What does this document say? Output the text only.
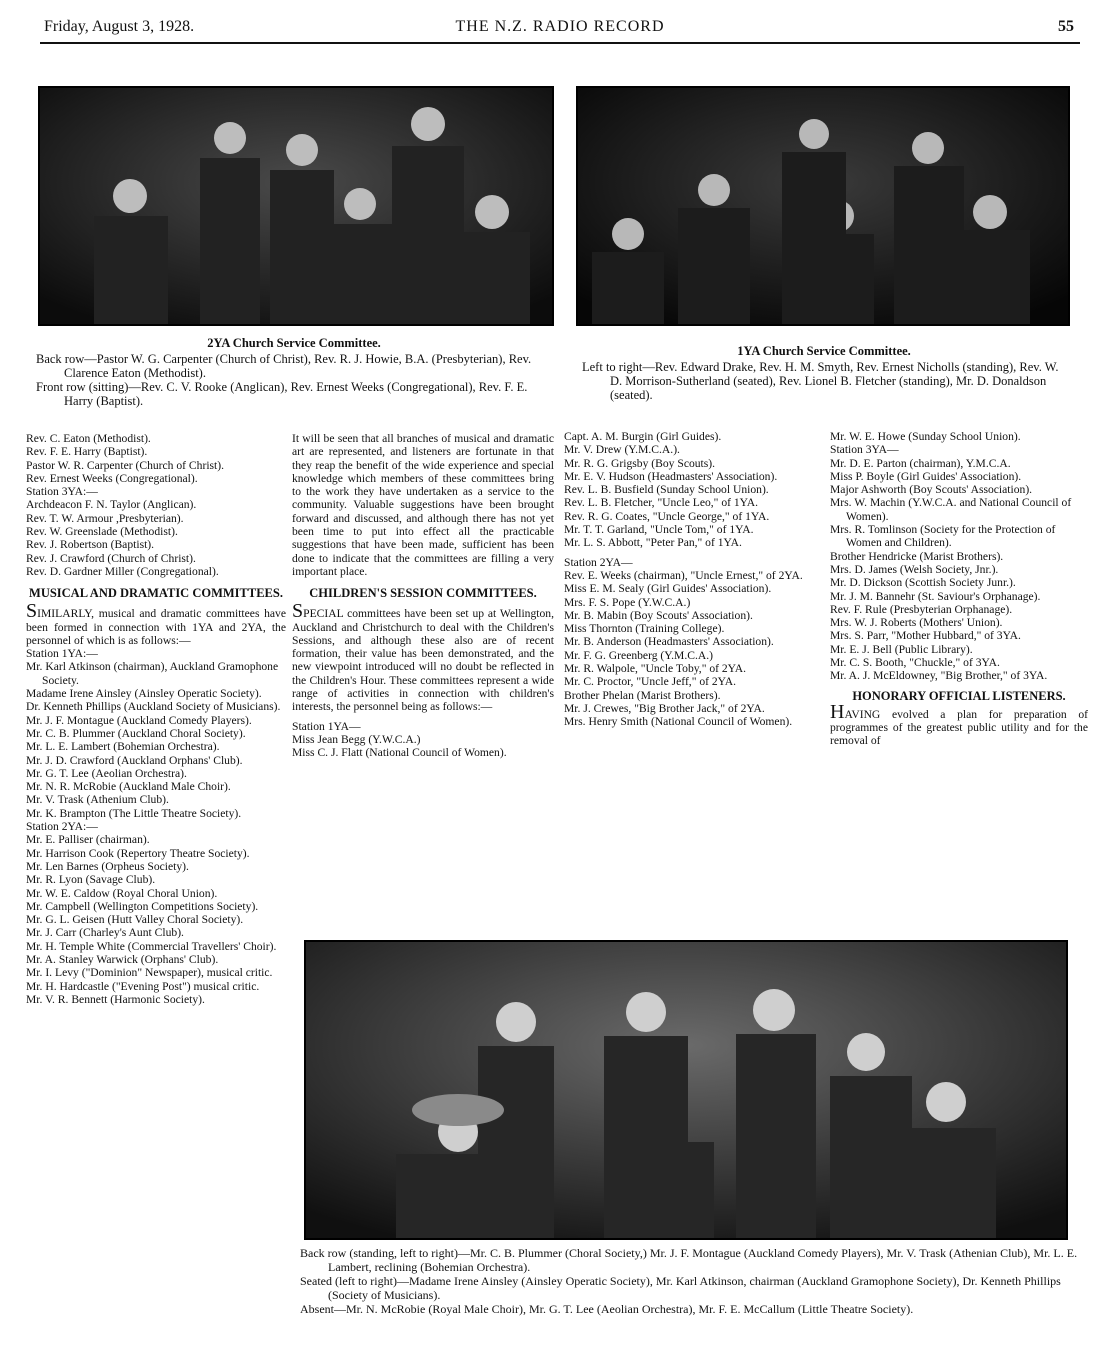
Friday, August 3, 1928.	THE N.Z. RADIO RECORD	55
2YA Church Service Committee.

Back row—Pastor W. G. Carpenter (Church of Christ), Rev. R. J. Howie, B.A. (Presbyterian), Rev. Clarence Eaton (Methodist).

Front row (sitting)—Rev. C. V. Rooke (Anglican), Rev. Ernest Weeks (Congregational), Rev. F. E. Harry (Baptist).

1YA Church Service Committee.

Left to right—Rev. Edward Drake, Rev. H. M. Smyth, Rev. Ernest Nicholls (standing), Rev. W. D. Morrison-Sutherland (seated), Rev. Lionel B. Fletcher (standing), Mr. D. Donaldson (seated).

Rev. C. Eaton (Methodist).

Rev. F. E. Harry (Baptist).

Pastor W. R. Carpenter (Church of Christ).

Rev. Ernest Weeks (Congregational).

Station 3YA:—

Archdeacon F. N. Taylor (Anglican).

Rev. T. W. Armour ,Presbyterian).

Rev. W. Greenslade (Methodist).

Rev. J. Robertson (Baptist).

Rev. J. Crawford (Church of Christ).

Rev. D. Gardner Miller (Congregational).

MUSICAL AND DRAMATIC COMMITTEES.

SIMILARLY, musical and dramatic committees have been formed in connection with 1YA and 2YA, the personnel of which is as follows:—

Station 1YA:—

Mr. Karl Atkinson (chairman), Auckland Gramophone Society.

Madame Irene Ainsley (Ainsley Operatic Society).

Dr. Kenneth Phillips (Auckland Society of Musicians).

Mr. J. F. Montague (Auckland Comedy Players).

Mr. C. B. Plummer (Auckland Choral Society).

Mr. L. E. Lambert (Bohemian Orchestra).

Mr. J. D. Crawford (Auckland Orphans' Club).

Mr. G. T. Lee (Aeolian Orchestra).

Mr. N. R. McRobie (Auckland Male Choir).

Mr. V. Trask (Athenium Club).

Mr. K. Brampton (The Little Theatre Society).

Station 2YA:—

Mr. E. Palliser (chairman).

Mr. Harrison Cook (Repertory Theatre Society).

Mr. Len Barnes (Orpheus Society).

Mr. R. Lyon (Savage Club).

Mr. W. E. Caldow (Royal Choral Union).

Mr. Campbell (Wellington Competitions Society).

Mr. G. L. Geisen (Hutt Valley Choral Society).

Mr. J. Carr (Charley's Aunt Club).

Mr. H. Temple White (Commercial Travellers' Choir).

Mr. A. Stanley Warwick (Orphans' Club).

Mr. I. Levy ("Dominion" Newspaper), musical critic.

Mr. H. Hardcastle ("Evening Post") musical critic.

Mr. V. R. Bennett (Harmonic Society).

It will be seen that all branches of musical and dramatic art are represented, and listeners are fortunate in that they reap the benefit of the wide experience and special knowledge which members of these committees bring to the work they have undertaken as a service to the community. Valuable suggestions have been brought forward and discussed, and although there has not yet been time to put into effect all the practicable suggestions that have been made, sufficient has been done to indicate that the committees are filling a very important place.

CHILDREN'S SESSION COMMITTEES.

SPECIAL committees have been set up at Wellington, Auckland and Christchurch to deal with the Children's Sessions, and although these also are of recent formation, their value has been demonstrated, and the new viewpoint introduced will no doubt be reflected in the Children's Hour. These committees represent a wide range of activities in connection with children's interests, the personnel being as follows:—

Station 1YA—

Miss Jean Begg (Y.W.C.A.)

Miss C. J. Flatt (National Council of Women).

Capt. A. M. Burgin (Girl Guides).

Mr. V. Drew (Y.M.C.A.).

Mr. R. G. Grigsby (Boy Scouts).

Mr. E. V. Hudson (Headmasters' Association).

Rev. L. B. Busfield (Sunday School Union).

Rev. L. B. Fletcher, "Uncle Leo," of 1YA.

Rev. R. G. Coates, "Uncle George," of 1YA.

Mr. T. T. Garland, "Uncle Tom," of 1YA.

Mr. L. S. Abbott, "Peter Pan," of 1YA.

Station 2YA—

Rev. E. Weeks (chairman), "Uncle Ernest," of 2YA.

Miss E. M. Sealy (Girl Guides' Association).

Mrs. F. S. Pope (Y.W.C.A.)

Mr. B. Mabin (Boy Scouts' Association).

Miss Thornton (Training College).

Mr. B. Anderson (Headmasters' Association).

Mr. F. G. Greenberg (Y.M.C.A.)

Mr. R. Walpole, "Uncle Toby," of 2YA.

Mr. C. Proctor, "Uncle Jeff," of 2YA.

Brother Phelan (Marist Brothers).

Mr. J. Crewes, "Big Brother Jack," of 2YA.

Mrs. Henry Smith (National Council of Women).

Mr. W. E. Howe (Sunday School Union).

Station 3YA—

Mr. D. E. Parton (chairman), Y.M.C.A.

Miss P. Boyle (Girl Guides' Association).

Major Ashworth (Boy Scouts' Association).

Mrs. W. Machin (Y.W.C.A. and National Council of Women).

Mrs. R. Tomlinson (Society for the Protection of Women and Children).

Brother Hendricke (Marist Brothers).

Mrs. D. James (Welsh Society, Jnr.).

Mr. D. Dickson (Scottish Society Junr.).

Mr. J. M. Bannehr (St. Saviour's Orphanage).

Rev. F. Rule (Presbyterian Orphanage).

Mrs. W. J. Roberts (Mothers' Union).

Mrs. S. Parr, "Mother Hubbard," of 3YA.

Mr. E. J. Bell (Public Library).

Mr. C. S. Booth, "Chuckle," of 3YA.

Mr. A. J. McEldowney, "Big Brother," of 3YA.

HONORARY OFFICIAL LISTENERS.

HAVING evolved a plan for preparation of programmes of the greatest public utility and for the removal of

Back row (standing, left to right)—Mr. C. B. Plummer (Choral Society,) Mr. J. F. Montague (Auckland Comedy Players), Mr. V. Trask (Athenian Club), Mr. L. E. Lambert, reclining (Bohemian Orchestra).

Seated (left to right)—Madame Irene Ainsley (Ainsley Operatic Society), Mr. Karl Atkinson, chairman (Auckland Gramophone Society), Dr. Kenneth Phillips (Society of Musicians).

Absent—Mr. N. McRobie (Royal Male Choir), Mr. G. T. Lee (Aeolian Orchestra), Mr. F. E. McCallum (Little Theatre Society).
